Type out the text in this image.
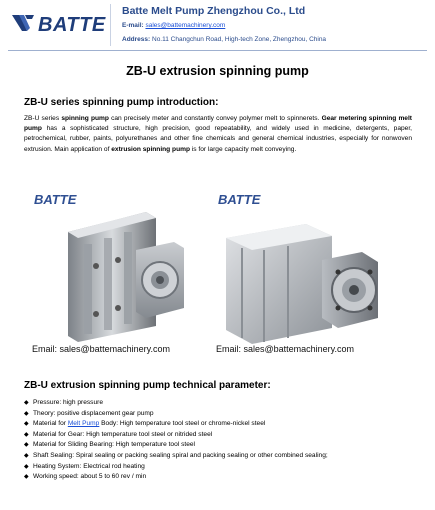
BATTE
Batte Melt Pump Zhengzhou Co., Ltd
E-mail: sales@battemachinery.com
Address: No.11 Changchun Road, High-tech Zone, Zhengzhou, China
ZB-U extrusion spinning pump
ZB-U series spinning pump introduction:
ZB-U series spinning pump can precisely meter and constantly convey polymer melt to spinnerets. Gear metering spinning melt pump has a sophisticated structure, high precision, good repeatability, and widely used in medicine, detergents, paper, petrochemical, rubber, paints, polyurethanes and other fine chemicals and general chemical industries, especially for nonwoven extrusion. Main application of extrusion spinning pump is for large capacity melt conveying.
BATTE
Email: sales@battemachinery.com
BATTE
Email: sales@battemachinery.com
ZB-U extrusion spinning pump technical parameter:
◆ Pressure: high pressure
◆ Theory: positive displacement gear pump
◆ Material for Melt Pump Body: High temperature tool steel or chrome-nickel steel
◆ Material for Gear: High temperature tool steel or nitrided steel
◆ Material for Sliding Bearing: High temperature tool steel
◆ Shaft Sealing: Spiral sealing or packing sealing spiral and packing sealing or other combined sealing;
◆ Heating System: Electrical rod heating
◆ Working speed: about 5 to 60 rev / min
